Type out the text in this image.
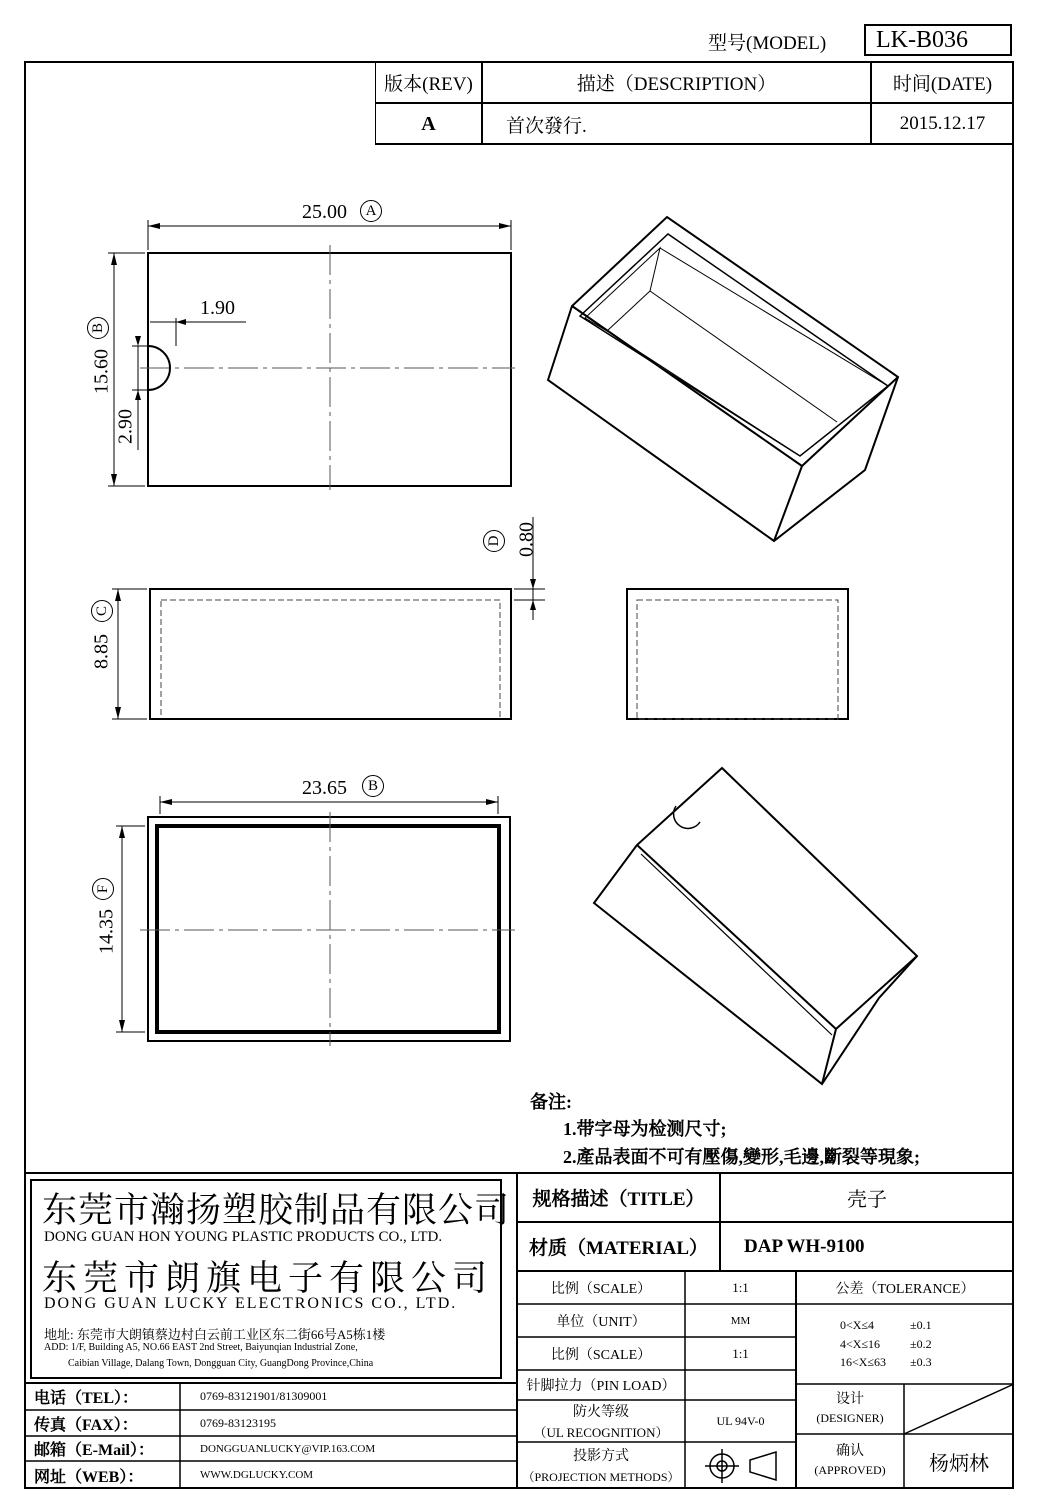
型号(MODEL)	LK-B036
版本(REV)	描述（DESCRIPTION）	时间(DATE)
A	首次發行.	2015.12.17
25.00	A
1.90
15.60
B
2.90
0.80
D
8.85
C
23.65	B
14.35
F
备注:
1.带字母为检测尺寸;
2.產品表面不可有壓傷,變形,毛邊,斷裂等現象;
东莞市瀚扬塑胶制品有限公司
DONG GUAN HON YOUNG PLASTIC PRODUCTS CO., LTD.
东莞市朗旗电子有限公司
DONG GUAN LUCKY ELECTRONICS CO., LTD.
地址: 东莞市大朗镇蔡边村白云前工业区东二街66号A5栋1楼
ADD: 1/F, Building A5, NO.66 EAST 2nd Street, Baiyunqian Industrial Zone,
Caibian Village, Dalang Town, Dongguan City, GuangDong Province,China
电话（TEL）：	0769-83121901/81309001
传真（FAX）：	0769-83123195
邮箱（E-Mail）：	DONGGUANLUCKY@VIP.163.COM
网址（WEB）：	WWW.DGLUCKY.COM
规格描述（TITLE）	壳子
材质（MATERIAL）	DAP WH-9100
比例（SCALE）	1:1
单位（UNIT）	MM
比例（SCALE）	1:1
针脚拉力（PIN LOAD）
防火等级
（UL RECOGNITION）
UL 94V-0
投影方式
（PROJECTION METHODS）
公差（TOLERANCE）
0<X≤4	±0.1
4<X≤16 ±0.2
16<X≤63 ±0.3
设计
(DESIGNER)
确认
(APPROVED)	杨炳林
